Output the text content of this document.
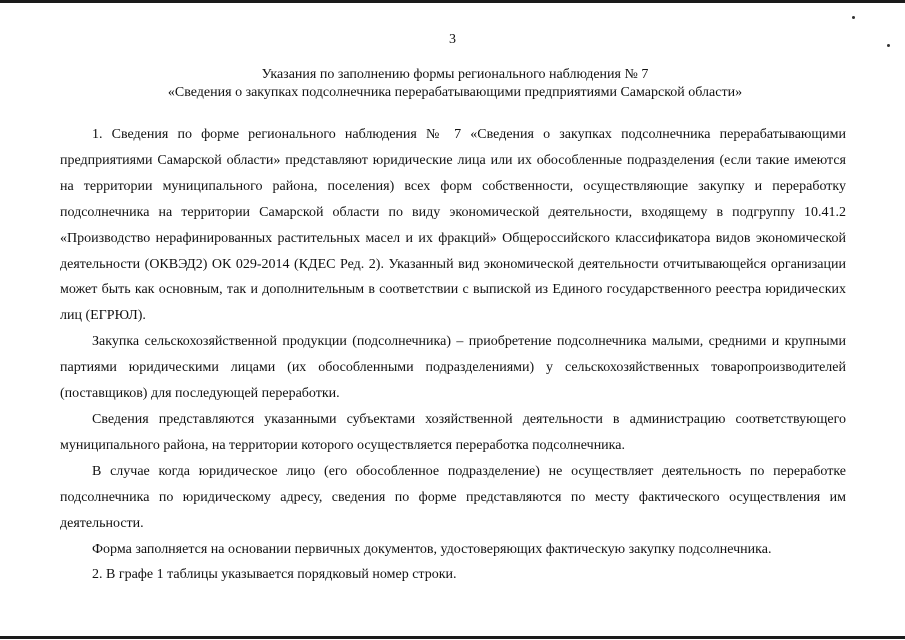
3
Указания по заполнению формы регионального наблюдения № 7
«Сведения о закупках подсолнечника перерабатывающими предприятиями Самарской области»

1. Сведения по форме регионального наблюдения № 7 «Сведения о закупках подсолнечника перерабатывающими предприятиями Самарской области» представляют юридические лица или их обособленные подразделения (если такие имеются на территории муниципального района, поселения) всех форм собственности, осуществляющие закупку и переработку подсолнечника на территории Самарской области по виду экономической деятельности, входящему в подгруппу 10.41.2 «Производство нерафинированных растительных масел и их фракций» Общероссийского классификатора видов экономической деятельности (ОКВЭД2) ОК 029-2014 (КДЕС Ред. 2). Указанный вид экономической деятельности отчитывающейся организации может быть как основным, так и дополнительным в соответствии с выпиской из Единого государственного реестра юридических лиц (ЕГРЮЛ).

Закупка сельскохозяйственной продукции (подсолнечника) – приобретение подсолнечника малыми, средними и крупными партиями юридическими лицами (их обособленными подразделениями) у сельскохозяйственных товаропроизводителей (поставщиков) для последующей переработки.

Сведения представляются указанными субъектами хозяйственной деятельности в администрацию соответствующего муниципального района, на территории которого осуществляется переработка подсолнечника.

В случае когда юридическое лицо (его обособленное подразделение) не осуществляет деятельность по переработке подсолнечника по юридическому адресу, сведения по форме представляются по месту фактического осуществления им деятельности.

Форма заполняется на основании первичных документов, удостоверяющих фактическую закупку подсолнечника.

2. В графе 1 таблицы указывается порядковый номер строки.
